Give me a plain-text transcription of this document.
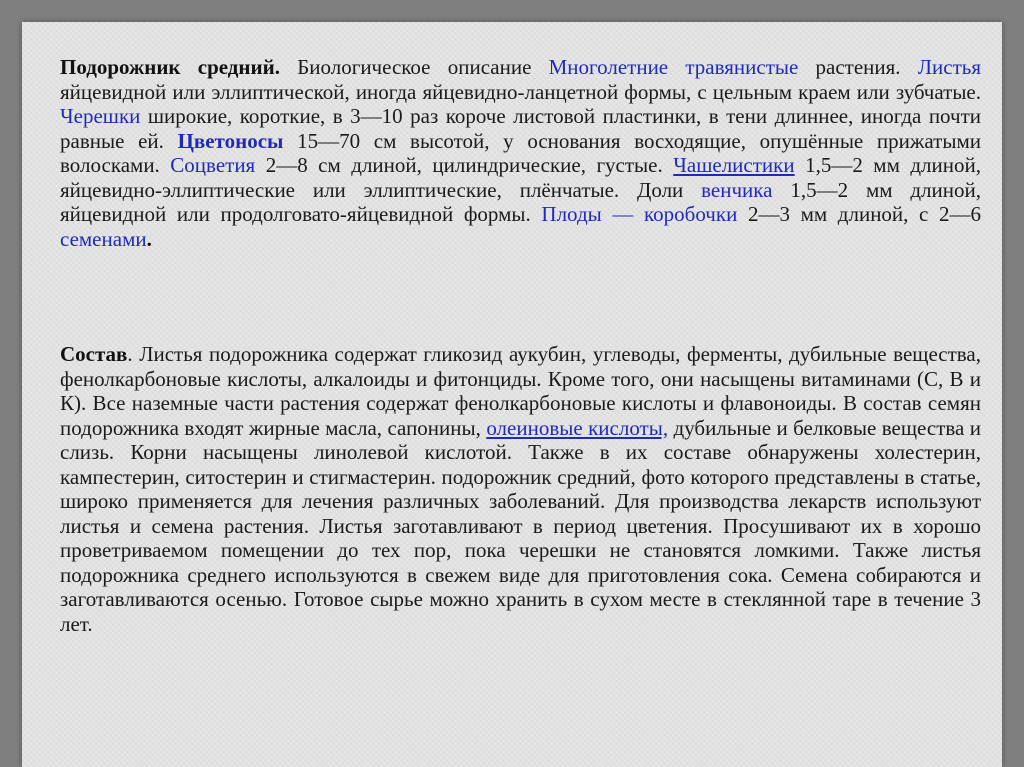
Подорожник средний. Биологическое описание Многолетние травянистые растения. Листья яйцевидной или эллиптической, иногда яйцевидно-ланцетной формы, с цельным краем или зубчатые. Черешки широкие, короткие, в 3—10 раз короче листовой пластинки, в тени длиннее, иногда почти равные ей. Цветоносы 15—70 см высотой, у основания восходящие, опушённые прижатыми волосками. Соцветия 2—8 см длиной, цилиндрические, густые. Чашелистики 1,5—2 мм длиной, яйцевидно-эллиптические или эллиптические, плёнчатые. Доли венчика 1,5—2 мм длиной, яйцевидной или продолговато-яйцевидной формы. Плоды — коробочки 2—3 мм длиной, с 2—6 семенами.

Состав. Листья подорожника содержат гликозид аукубин, углеводы, ферменты, дубильные вещества, фенолкарбоновые кислоты, алкалоиды и фитонциды. Кроме того, они насыщены витаминами (С, В и К). Все наземные части растения содержат фенолкарбоновые кислоты и флавоноиды. В состав семян подорожника входят жирные масла, сапонины, олеиновые кислоты, дубильные и белковые вещества и слизь. Корни насыщены линолевой кислотой. Также в их составе обнаружены холестерин, кампестерин, ситостерин и стигмастерин. ᴨодорожник средний, фото которого представлены в статье, широко применяется для лечения различных заболеваний. Для производства лекарств используют листья и семена растения. Листья заготавливают в период цветения. Просушивают их в хорошо проветриваемом помещении до тех пор, пока черешки не становятся ломкими. Также листья подорожника среднего используются в свежем виде для приготовления сока. Семена собираются и заготавливаются осенью. Готовое сырье можно хранить в сухом месте в стеклянной таре в течение 3 лет.
